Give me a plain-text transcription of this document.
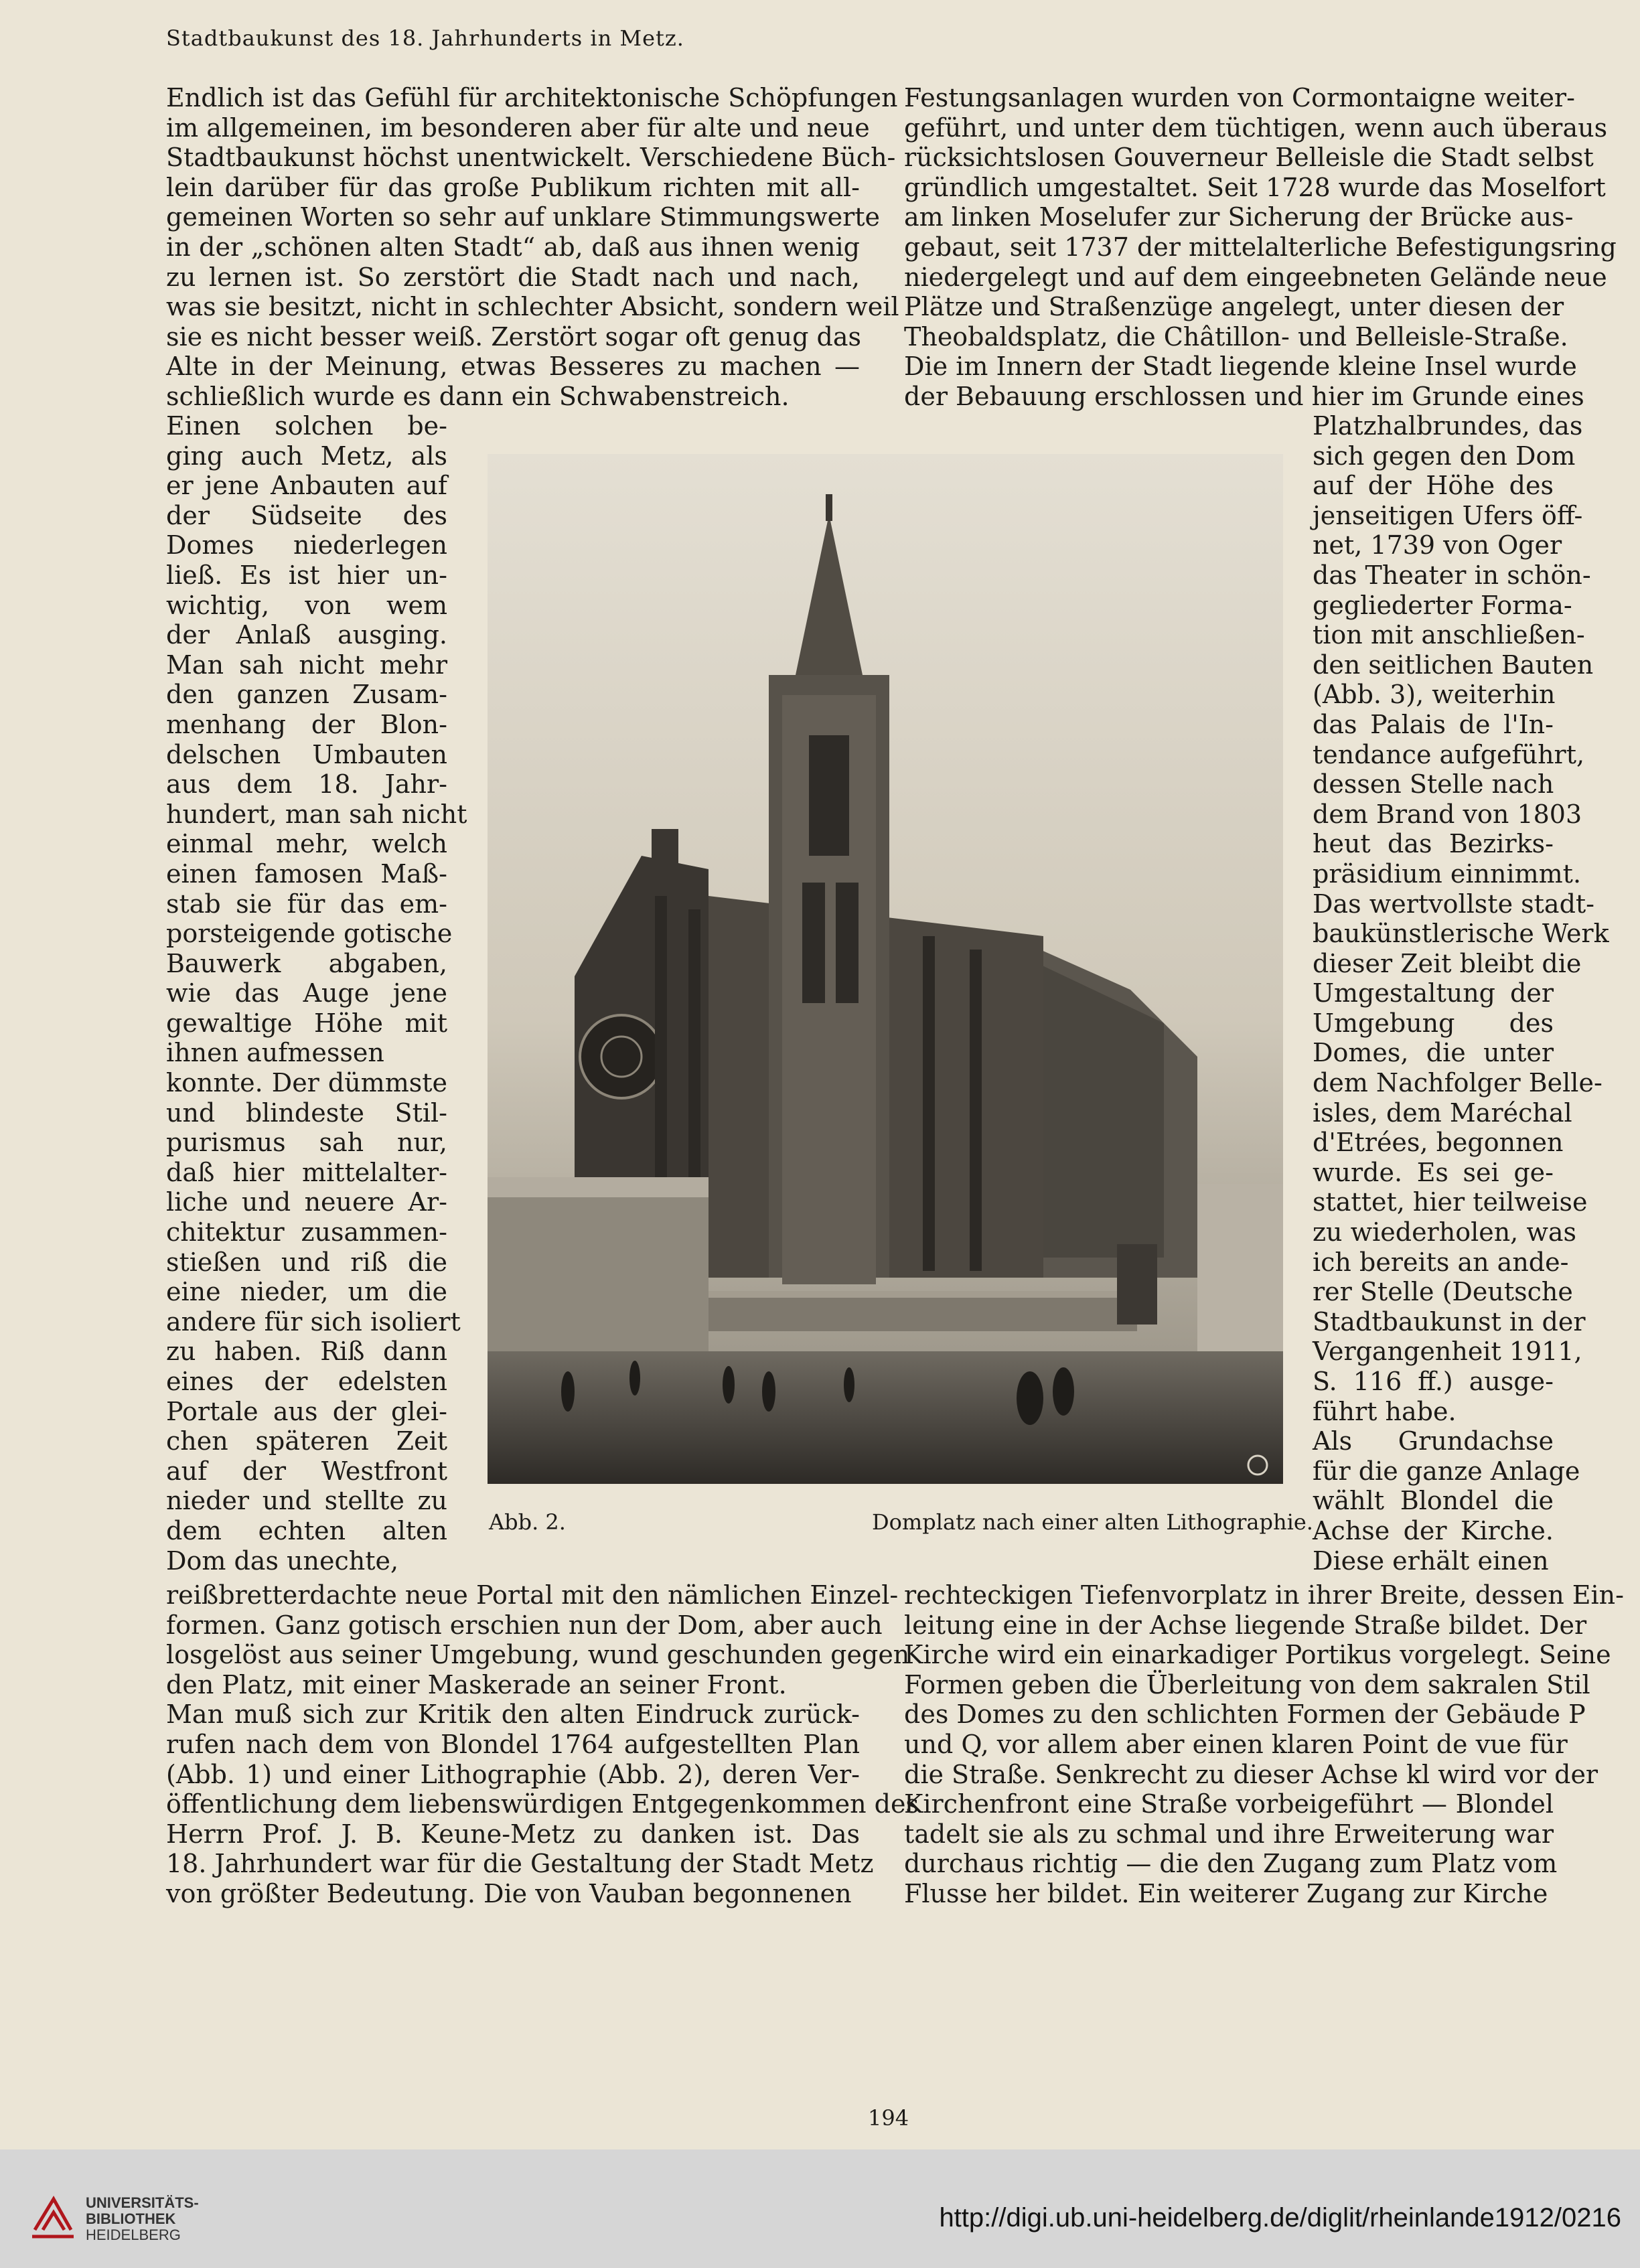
Stadtbaukunst des 18. Jahrhunderts in Metz.
Endlich ist das Gefühl für architektonische Schöpfungen
im allgemeinen, im besonderen aber für alte und neue
Stadtbaukunst höchst unentwickelt. Verschiedene Büch-
lein darüber für das große Publikum richten mit all-
gemeinen Worten so sehr auf unklare Stimmungswerte
in der „schönen alten Stadt“ ab, daß aus ihnen wenig
zu lernen ist. So zerstört die Stadt nach und nach,
was sie besitzt, nicht in schlechter Absicht, sondern weil
sie es nicht besser weiß. Zerstört sogar oft genug das
Alte in der Meinung, etwas Besseres zu machen —
schließlich wurde es dann ein Schwabenstreich.
Festungsanlagen wurden von Cormontaigne weiter-
geführt, und unter dem tüchtigen, wenn auch überaus
rücksichtslosen Gouverneur Belleisle die Stadt selbst
gründlich umgestaltet. Seit 1728 wurde das Moselfort
am linken Moselufer zur Sicherung der Brücke aus-
gebaut, seit 1737 der mittelalterliche Befestigungsring
niedergelegt und auf dem eingeebneten Gelände neue
Plätze und Straßenzüge angelegt, unter diesen der
Theobaldsplatz, die Châtillon- und Belleisle-Straße.
Die im Innern der Stadt liegende kleine Insel wurde
der Bebauung erschlossen und hier im Grunde eines
Einen solchen be-
ging auch Metz, als
er jene Anbauten auf
der Südseite des
Domes niederlegen
ließ. Es ist hier un-
wichtig, von wem
der Anlaß ausging.
Man sah nicht mehr
den ganzen Zusam-
menhang der Blon-
delschen Umbauten
aus dem 18. Jahr-
hundert, man sah nicht
einmal mehr, welch
einen famosen Maß-
stab sie für das em-
porsteigende gotische
Bauwerk abgaben,
wie das Auge jene
gewaltige Höhe mit
ihnen aufmessen
konnte. Der dümmste
und blindeste Stil-
purismus sah nur,
daß hier mittelalter-
liche und neuere Ar-
chitektur zusammen-
stießen und riß die
eine nieder, um die
andere für sich isoliert
zu haben. Riß dann
eines der edelsten
Portale aus der glei-
chen späteren Zeit
auf der Westfront
nieder und stellte zu
dem echten alten
Dom das unechte,
Platzhalbrundes, das
sich gegen den Dom
auf der Höhe des
jenseitigen Ufers öff-
net, 1739 von Oger
das Theater in schön-
gegliederter Forma-
tion mit anschließen-
den seitlichen Bauten
(Abb. 3), weiterhin
das Palais de l'In-
tendance aufgeführt,
dessen Stelle nach
dem Brand von 1803
heut das Bezirks-
präsidium einnimmt.
Das wertvollste stadt-
baukünstlerische Werk
dieser Zeit bleibt die
Umgestaltung der
Umgebung des
Domes, die unter
dem Nachfolger Belle-
isles, dem Maréchal
d'Etrées, begonnen
wurde. Es sei ge-
stattet, hier teilweise
zu wiederholen, was
ich bereits an ande-
rer Stelle (Deutsche
Stadtbaukunst in der
Vergangenheit 1911,
S. 116 ff.) ausge-
führt habe.
Als Grundachse
für die ganze Anlage
wählt Blondel die
Achse der Kirche.
Diese erhält einen
Abb. 2.	Domplatz nach einer alten Lithographie.
reißbretterdachte neue Portal mit den nämlichen Einzel-
formen. Ganz gotisch erschien nun der Dom, aber auch
losgelöst aus seiner Umgebung, wund geschunden gegen
den Platz, mit einer Maskerade an seiner Front.
Man muß sich zur Kritik den alten Eindruck zurück-
rufen nach dem von Blondel 1764 aufgestellten Plan
(Abb. 1) und einer Lithographie (Abb. 2), deren Ver-
öffentlichung dem liebenswürdigen Entgegenkommen des
Herrn Prof. J. B. Keune-Metz zu danken ist. Das
18. Jahrhundert war für die Gestaltung der Stadt Metz
von größter Bedeutung. Die von Vauban begonnenen
rechteckigen Tiefenvorplatz in ihrer Breite, dessen Ein-
leitung eine in der Achse liegende Straße bildet. Der
Kirche wird ein einarkadiger Portikus vorgelegt. Seine
Formen geben die Überleitung von dem sakralen Stil
des Domes zu den schlichten Formen der Gebäude P
und Q, vor allem aber einen klaren Point de vue für
die Straße. Senkrecht zu dieser Achse kl wird vor der
Kirchenfront eine Straße vorbeigeführt — Blondel
tadelt sie als zu schmal und ihre Erweiterung war
durchaus richtig — die den Zugang zum Platz vom
Flusse her bildet. Ein weiterer Zugang zur Kirche
194
UNIVERSITÄTS-
BIBLIOTHEK
HEIDELBERG
http://digi.ub.uni-heidelberg.de/diglit/rheinlande1912/0216
